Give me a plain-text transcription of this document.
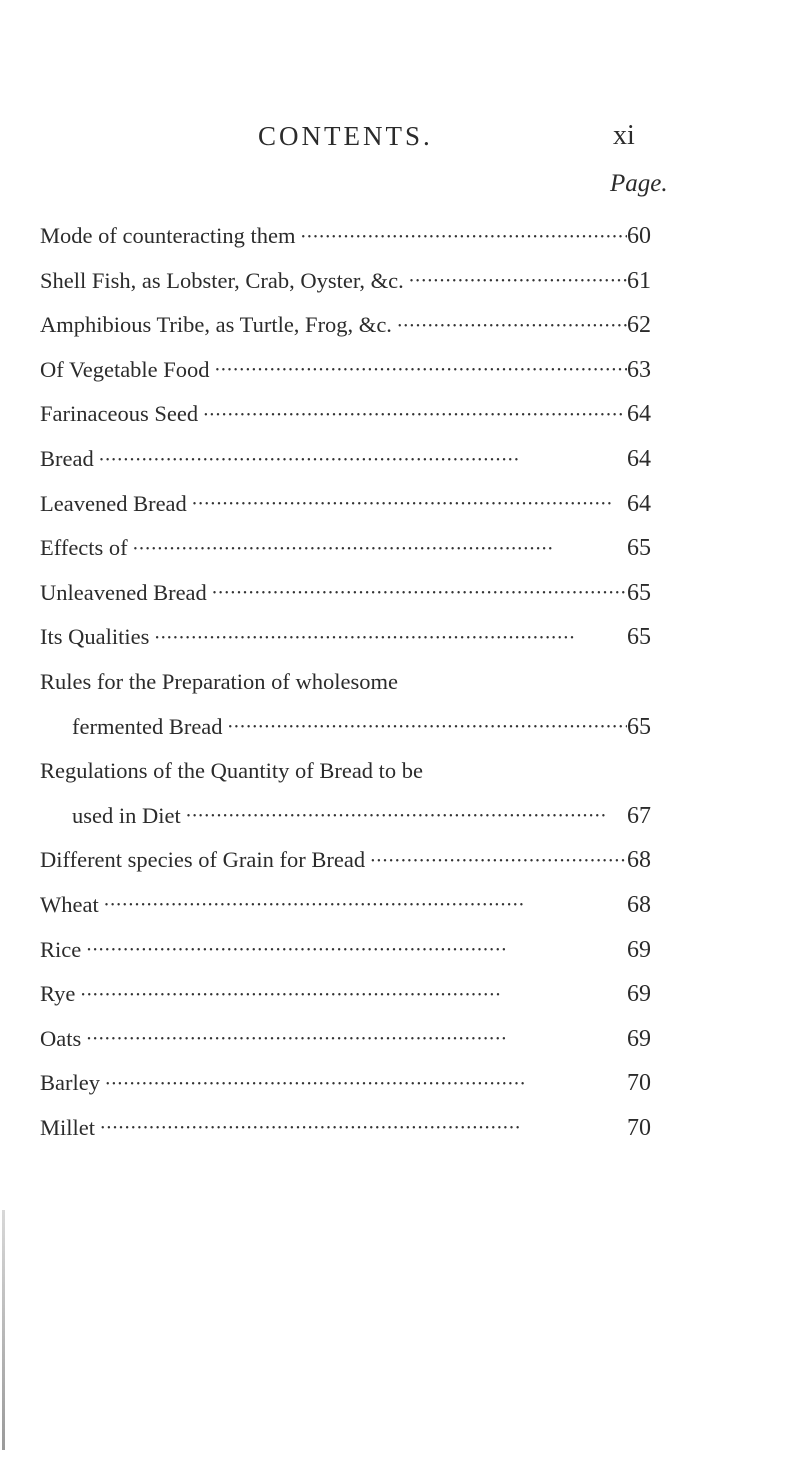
CONTENTS.	xi
Page.
Mode of counteracting them •••••	60
Shell Fish, as Lobster, Crab, Oyster, &c. •••••	61
Amphibious Tribe, as Turtle, Frog, &c. •••••	62
Of Vegetable Food •••••	63
Farinaceous Seed •••••	64
Bread •••••	64
Leavened Bread •••••	64
Effects of •••••	65
Unleavened Bread •••••	65
Its Qualities •••••	65
Rules for the Preparation of wholesome
fermented Bread •••••	65
Regulations of the Quantity of Bread to be
used in Diet •••••	67
Different species of Grain for Bread •••••	68
Wheat •••••	68
Rice •••••	69
Rye •••••	69
Oats •••••	69
Barley •••••	70
Millet •••••	70
